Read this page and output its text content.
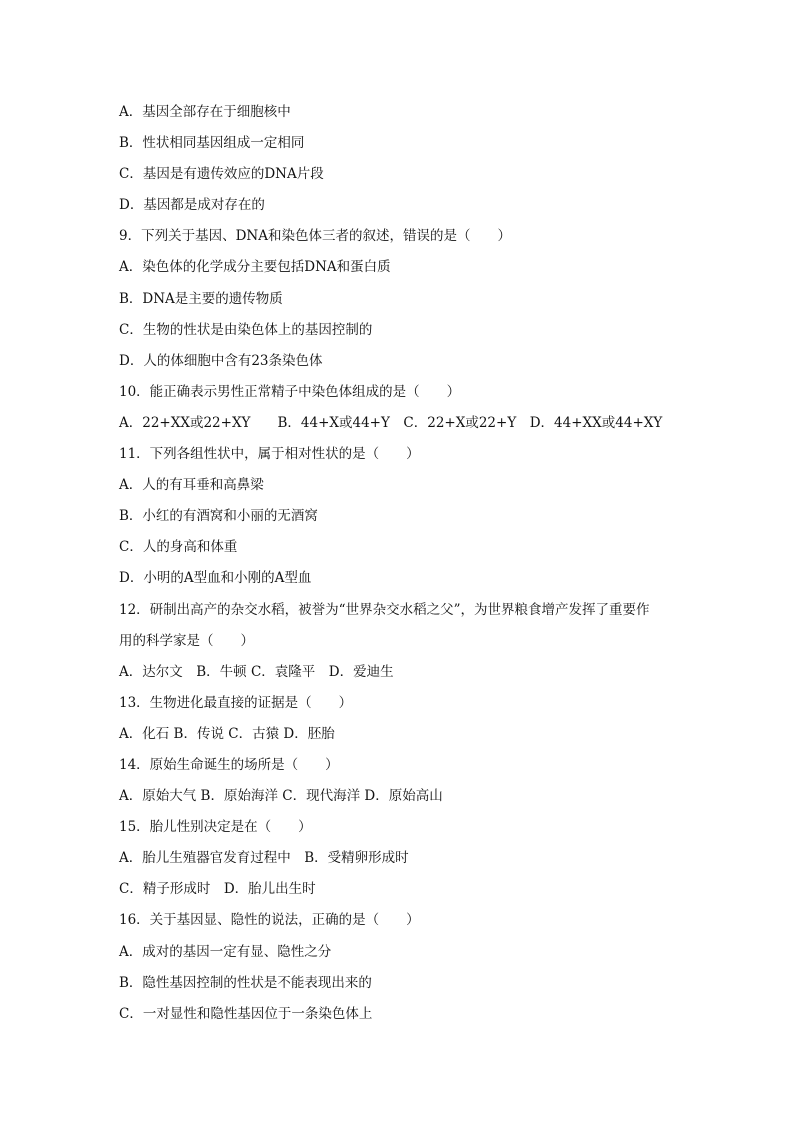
A．基因全部存在于细胞核中
B．性状相同基因组成一定相同
C．基因是有遗传效应的DNA片段
D．基因都是成对存在的
9．下列关于基因、DNA和染色体三者的叙述，错误的是（　　）
A．染色体的化学成分主要包括DNA和蛋白质
B．DNA是主要的遗传物质
C．生物的性状是由染色体上的基因控制的
D．人的体细胞中含有23条染色体
10．能正确表示男性正常精子中染色体组成的是（　　）
A．22+XX或22+XY　　B．44+X或44+Y　C．22+X或22+Y　D．44+XX或44+XY
11．下列各组性状中，属于相对性状的是（　　）
A．人的有耳垂和高鼻梁
B．小红的有酒窝和小丽的无酒窝
C．人的身高和体重
D．小明的A型血和小刚的A型血
12．研制出高产的杂交水稻，被誉为“世界杂交水稻之父”，为世界粮食增产发挥了重要作
用的科学家是（　　）
A．达尔文　B．牛顿 C．袁隆平　D．爱迪生
13．生物进化最直接的证据是（　　）
A．化石 B．传说 C．古猿 D．胚胎
14．原始生命诞生的场所是（　　）
A．原始大气 B．原始海洋 C．现代海洋 D．原始高山
15．胎儿性别决定是在（　　）
A．胎儿生殖器官发育过程中　B．受精卵形成时
C．精子形成时　D．胎儿出生时
16．关于基因显、隐性的说法，正确的是（　　）
A．成对的基因一定有显、隐性之分
B．隐性基因控制的性状是不能表现出来的
C．一对显性和隐性基因位于一条染色体上
